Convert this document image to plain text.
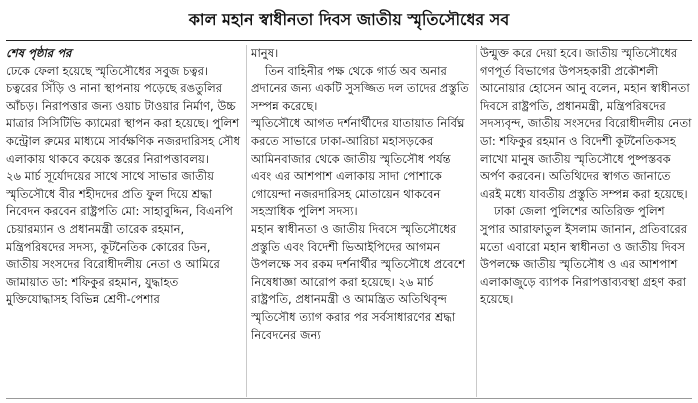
কাল মহান স্বাধীনতা দিবস জাতীয় স্মৃতিসৌধের সব

শেষ পৃষ্ঠার পর

ঢেকে ফেলা হয়েছে স্মৃতিসৌধের সবুজ চত্বর। চত্বরের সিঁড়ি ও নানা স্থাপনায় পড়েছে রঙতুলির আঁচড়। নিরাপত্তার জন্য ওয়াচ টাওয়ার নির্মাণ, উচ্চ মাত্রার সিসিটিভি ক্যামেরা স্থাপন করা হয়েছে। পুলিশ কন্ট্রোল রুমের মাধ্যমে সার্বক্ষণিক নজরদারিসহ সৌধ এলাকায় থাকবে কয়েক স্তরের নিরাপত্তাবলয়।

২৬ মার্চ সূর্যোদয়ের সাথে সাথে সাভার জাতীয় স্মৃতিসৌধে বীর শহীদদের প্রতি ফুল দিয়ে শ্রদ্ধা নিবেদন করবেন রাষ্ট্রপতি মো: সাহাবুদ্দিন, বিএনপি চেয়ারম্যান ও প্রধানমন্ত্রী তারেক রহমান, মন্ত্রিপরিষদের সদস্য, কূটনৈতিক কোরের ডিন, জাতীয় সংসদের বিরোধীদলীয় নেতা ও আমিরে জামায়াত ডা: শফিকুর রহমান, যুদ্ধাহত মুক্তিযোদ্ধাসহ বিভিন্ন শ্রেণী-পেশার

মানুষ।

তিন বাহিনীর পক্ষ থেকে গার্ড অব অনার প্রদানের জন্য একটি সুসজ্জিত দল তাদের প্রস্তুতি সম্পন্ন করেছে।

স্মৃতিসৌধে আগত দর্শনার্থীদের যাতায়াত নির্বিঘ্ন করতে সাভারে ঢাকা-আরিচা মহাসড়কের আমিনবাজার থেকে জাতীয় স্মৃতিসৌধ পর্যন্ত এবং এর আশপাশ এলাকায় সাদা পোশাকে গোয়েন্দা নজরদারিসহ মোতায়েন থাকবেন সহস্রাধিক পুলিশ সদস্য।

মহান স্বাধীনতা ও জাতীয় দিবসে স্মৃতিসৌধের প্রস্তুতি এবং বিদেশী ভিআইপিদের আগমন উপলক্ষে সব রকম দর্শনার্থীর স্মৃতিসৌধে প্রবেশে নিষেধাজ্ঞা আরোপ করা হয়েছে। ২৬ মার্চ রাষ্ট্রপতি, প্রধানমন্ত্রী ও আমন্ত্রিত অতিথিবৃন্দ স্মৃতিসৌধ ত্যাগ করার পর সর্বসাধারণের শ্রদ্ধা নিবেদনের জন্য

উন্মুক্ত করে দেয়া হবে। জাতীয় স্মৃতিসৌধের গণপূর্ত বিভাগের উপসহকারী প্রকৌশলী আনোয়ার হোসেন আনু বলেন, মহান স্বাধীনতা দিবসে রাষ্ট্রপতি, প্রধানমন্ত্রী, মন্ত্রিপরিষদের সদস্যবৃন্দ, জাতীয় সংসদের বিরোধীদলীয় নেতা ডা: শফিকুর রহমান ও বিদেশী কূটনৈতিকসহ লাখো মানুষ জাতীয় স্মৃতিসৌধে পুষ্পস্তবক অর্পণ করবেন। অতিথিদের স্বাগত জানাতে এরই মধ্যে যাবতীয় প্রস্তুতি সম্পন্ন করা হয়েছে।

ঢাকা জেলা পুলিশের অতিরিক্ত পুলিশ সুপার আরাফাতুল ইসলাম জানান, প্রতিবারের মতো এবারো মহান স্বাধীনতা ও জাতীয় দিবস উপলক্ষে জাতীয় স্মৃতিসৌধ ও এর আশপাশ এলাকাজুড়ে ব্যাপক নিরাপত্তাব্যবস্থা গ্রহণ করা হয়েছে।
